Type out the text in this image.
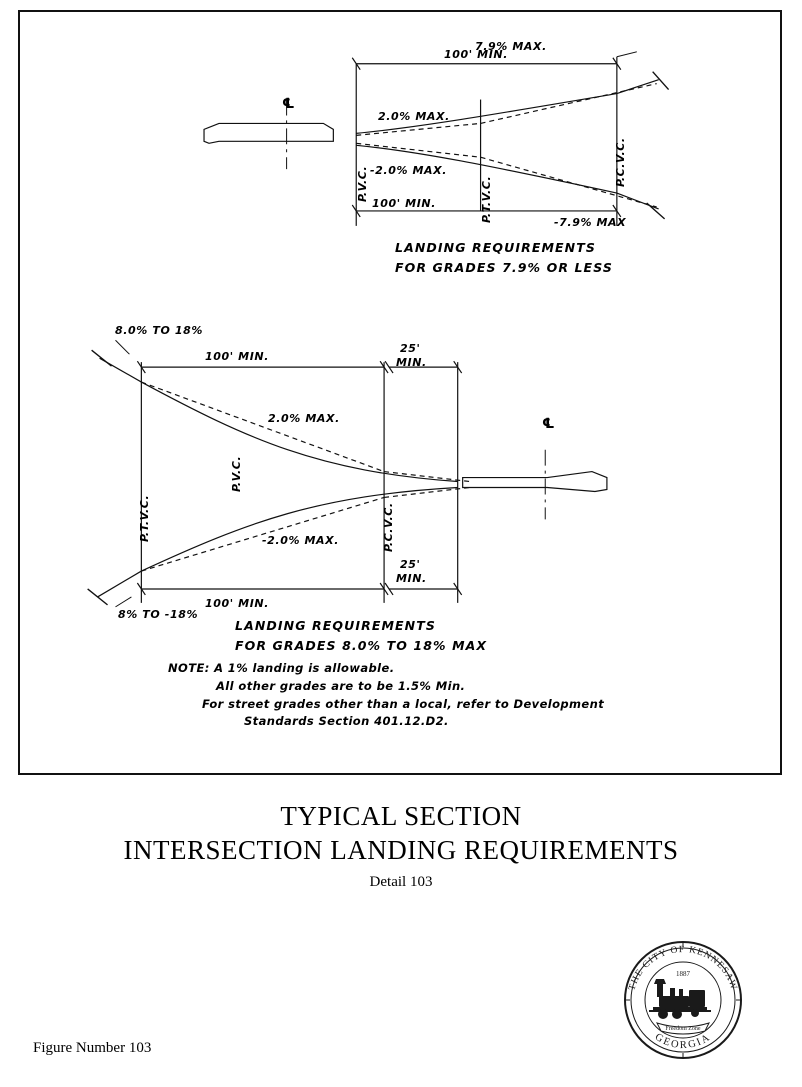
7.9% MAX.
100' MIN.
100' MIN.
-7.9% MAX
2.0% MAX.
-2.0% MAX.
P.V.C.	P.T.V.C.
P.C.V.C.
℄
LANDING REQUIREMENTS
FOR GRADES 7.9% OR LESS
8.0% TO 18%
100' MIN.
25'
MIN.
100' MIN.
25'
MIN.
8% TO -18%
2.0% MAX.
-2.0% MAX.
P.T.V.C.
P.V.C.
P.C.V.C.
℄
LANDING REQUIREMENTS
FOR GRADES 8.0% TO 18% MAX
NOTE: A 1% landing is allowable.
All other grades are to be 1.5% Min.
For street grades other than a local, refer to Development
Standards Section 401.12.D2.
TYPICAL SECTION
INTERSECTION LANDING REQUIREMENTS
Detail 103
Figure Number 103
THE CITY OF KENNESAW
GEORGIA
1887
Freedom Zone
